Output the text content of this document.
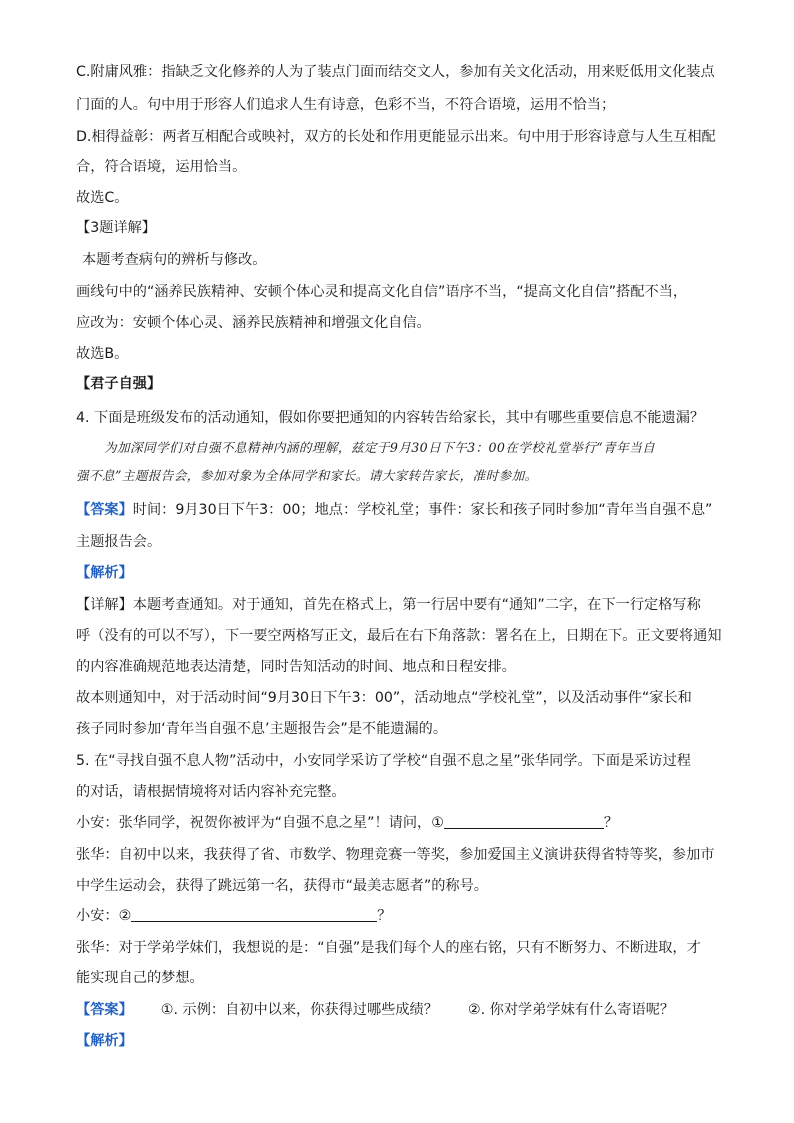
C.附庸风雅：指缺乏文化修养的人为了装点门面而结交文人，参加有关文化活动，用来贬低用文化装点
门面的人。句中用于形容人们追求人生有诗意，色彩不当，不符合语境，运用不恰当；
D.相得益彰：两者互相配合或映衬，双方的长处和作用更能显示出来。句中用于形容诗意与人生互相配
合，符合语境，运用恰当。
故选C。
【3题详解】
本题考查病句的辨析与修改。
画线句中的“涵养民族精神、安顿个体心灵和提高文化自信”语序不当，“提高文化自信”搭配不当，
应改为：安顿个体心灵、涵养民族精神和增强文化自信。
故选B。
【君子自强】
4. 下面是班级发布的活动通知，假如你要把通知的内容转告给家长，其中有哪些重要信息不能遗漏？
为加深同学们对自强不息精神内涵的理解，兹定于9月30日下午3：00在学校礼堂举行“青年当自
强不息”主题报告会，参加对象为全体同学和家长。请大家转告家长，准时参加。
【答案】时间：9月30日下午3：00；地点：学校礼堂；事件：家长和孩子同时参加“青年当自强不息”
主题报告会。
【解析】
【详解】本题考查通知。对于通知，首先在格式上，第一行居中要有“通知”二字，在下一行定格写称
呼（没有的可以不写），下一要空两格写正文，最后在右下角落款：署名在上，日期在下。正文要将通知
的内容准确规范地表达清楚，同时告知活动的时间、地点和日程安排。
故本则通知中，对于活动时间“9月30日下午3：00”，活动地点“学校礼堂”，以及活动事件“家长和
孩子同时参加‘青年当自强不息’主题报告会”是不能遗漏的。
5. 在“寻找自强不息人物”活动中，小安同学采访了学校“自强不息之星”张华同学。下面是采访过程
的对话，请根据情境将对话内容补充完整。
小安：张华同学，祝贺你被评为“自强不息之星”！请问，①	？
张华：自初中以来，我获得了省、市数学、物理竞赛一等奖，参加爱国主义演讲获得省特等奖，参加市
中学生运动会，获得了跳远第一名，获得市“最美志愿者”的称号。
小安：②	？
张华：对于学弟学妹们，我想说的是：“自强”是我们每个人的座右铭，只有不断努力、不断进取，才
能实现自己的梦想。
【答案】 ①. 示例：自初中以来，你获得过哪些成绩？ ②. 你对学弟学妹有什么寄语呢？
【解析】
